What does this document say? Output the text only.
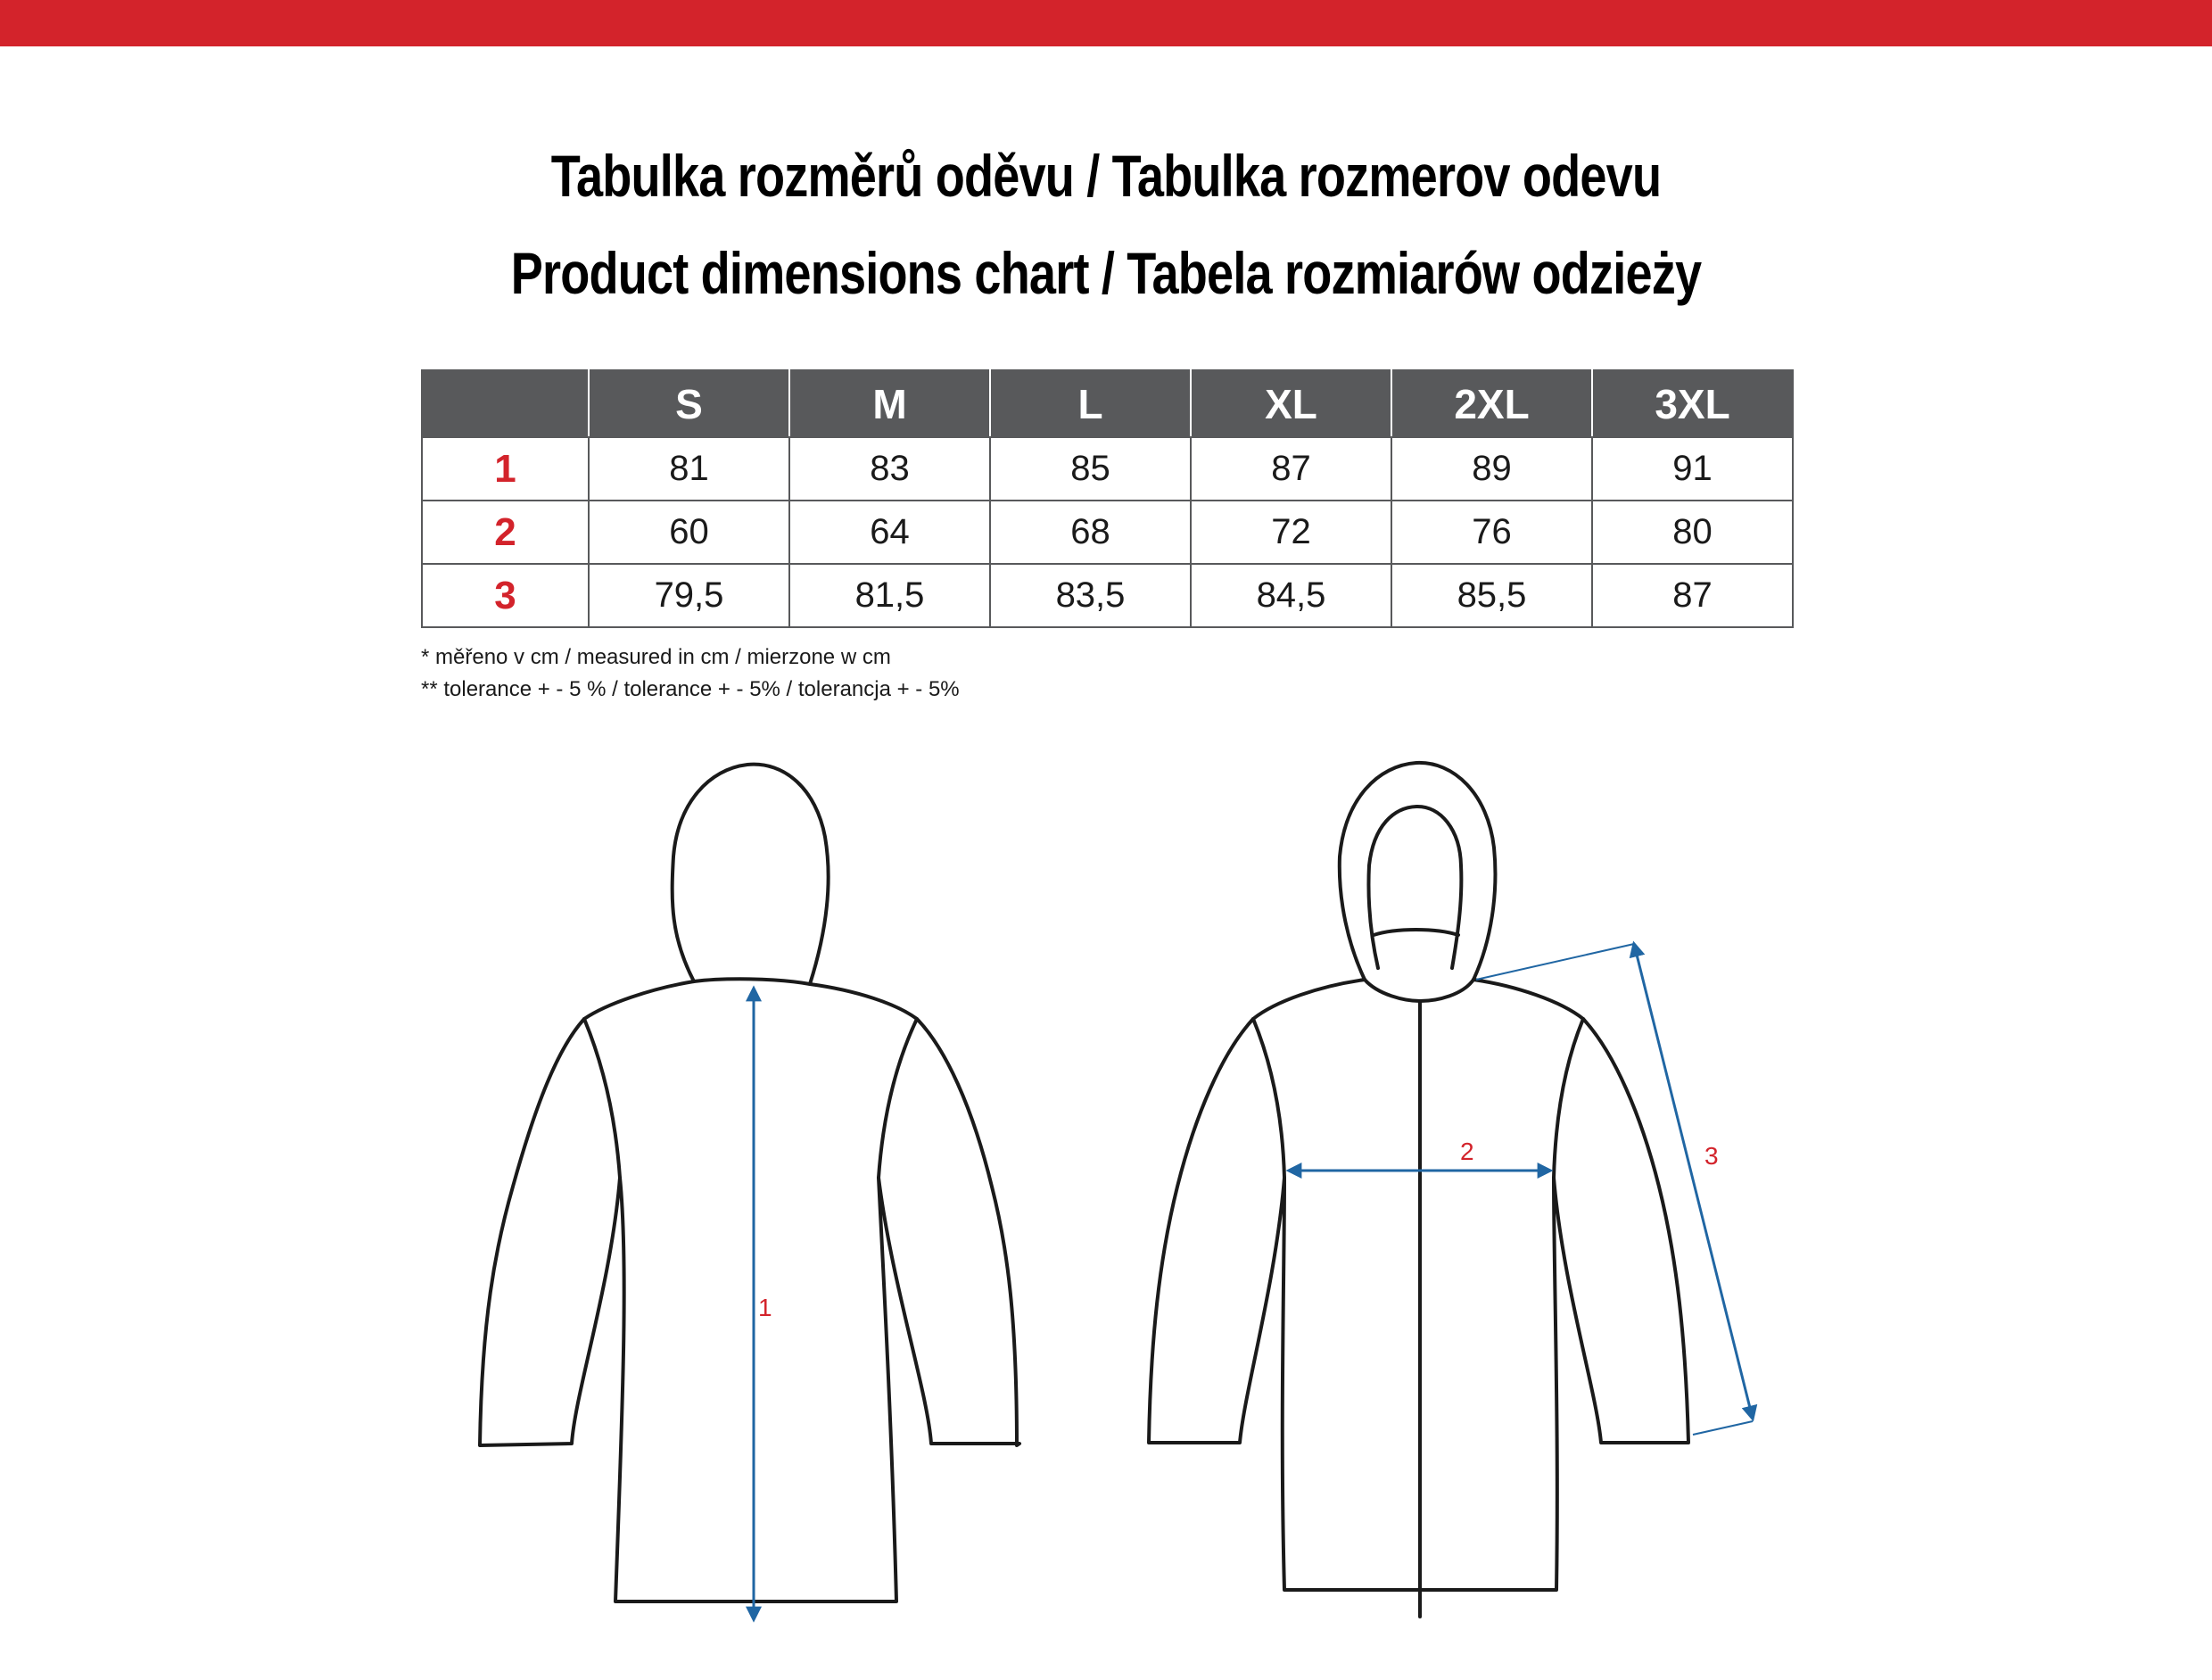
Tabulka rozměrů oděvu / Tabulka rozmerov odevu
Product dimensions chart / Tabela rozmiarów odzieży
	S	M	L	XL	2XL	3XL
1	81	83	85	87	89	91
2	60	64	68	72	76	80
3	79,5	81,5	83,5	84,5	85,5	87
* měřeno v cm / measured in cm / mierzone w cm
** tolerance + - 5 % / tolerance + - 5% / tolerancja + - 5%
1
2	3
